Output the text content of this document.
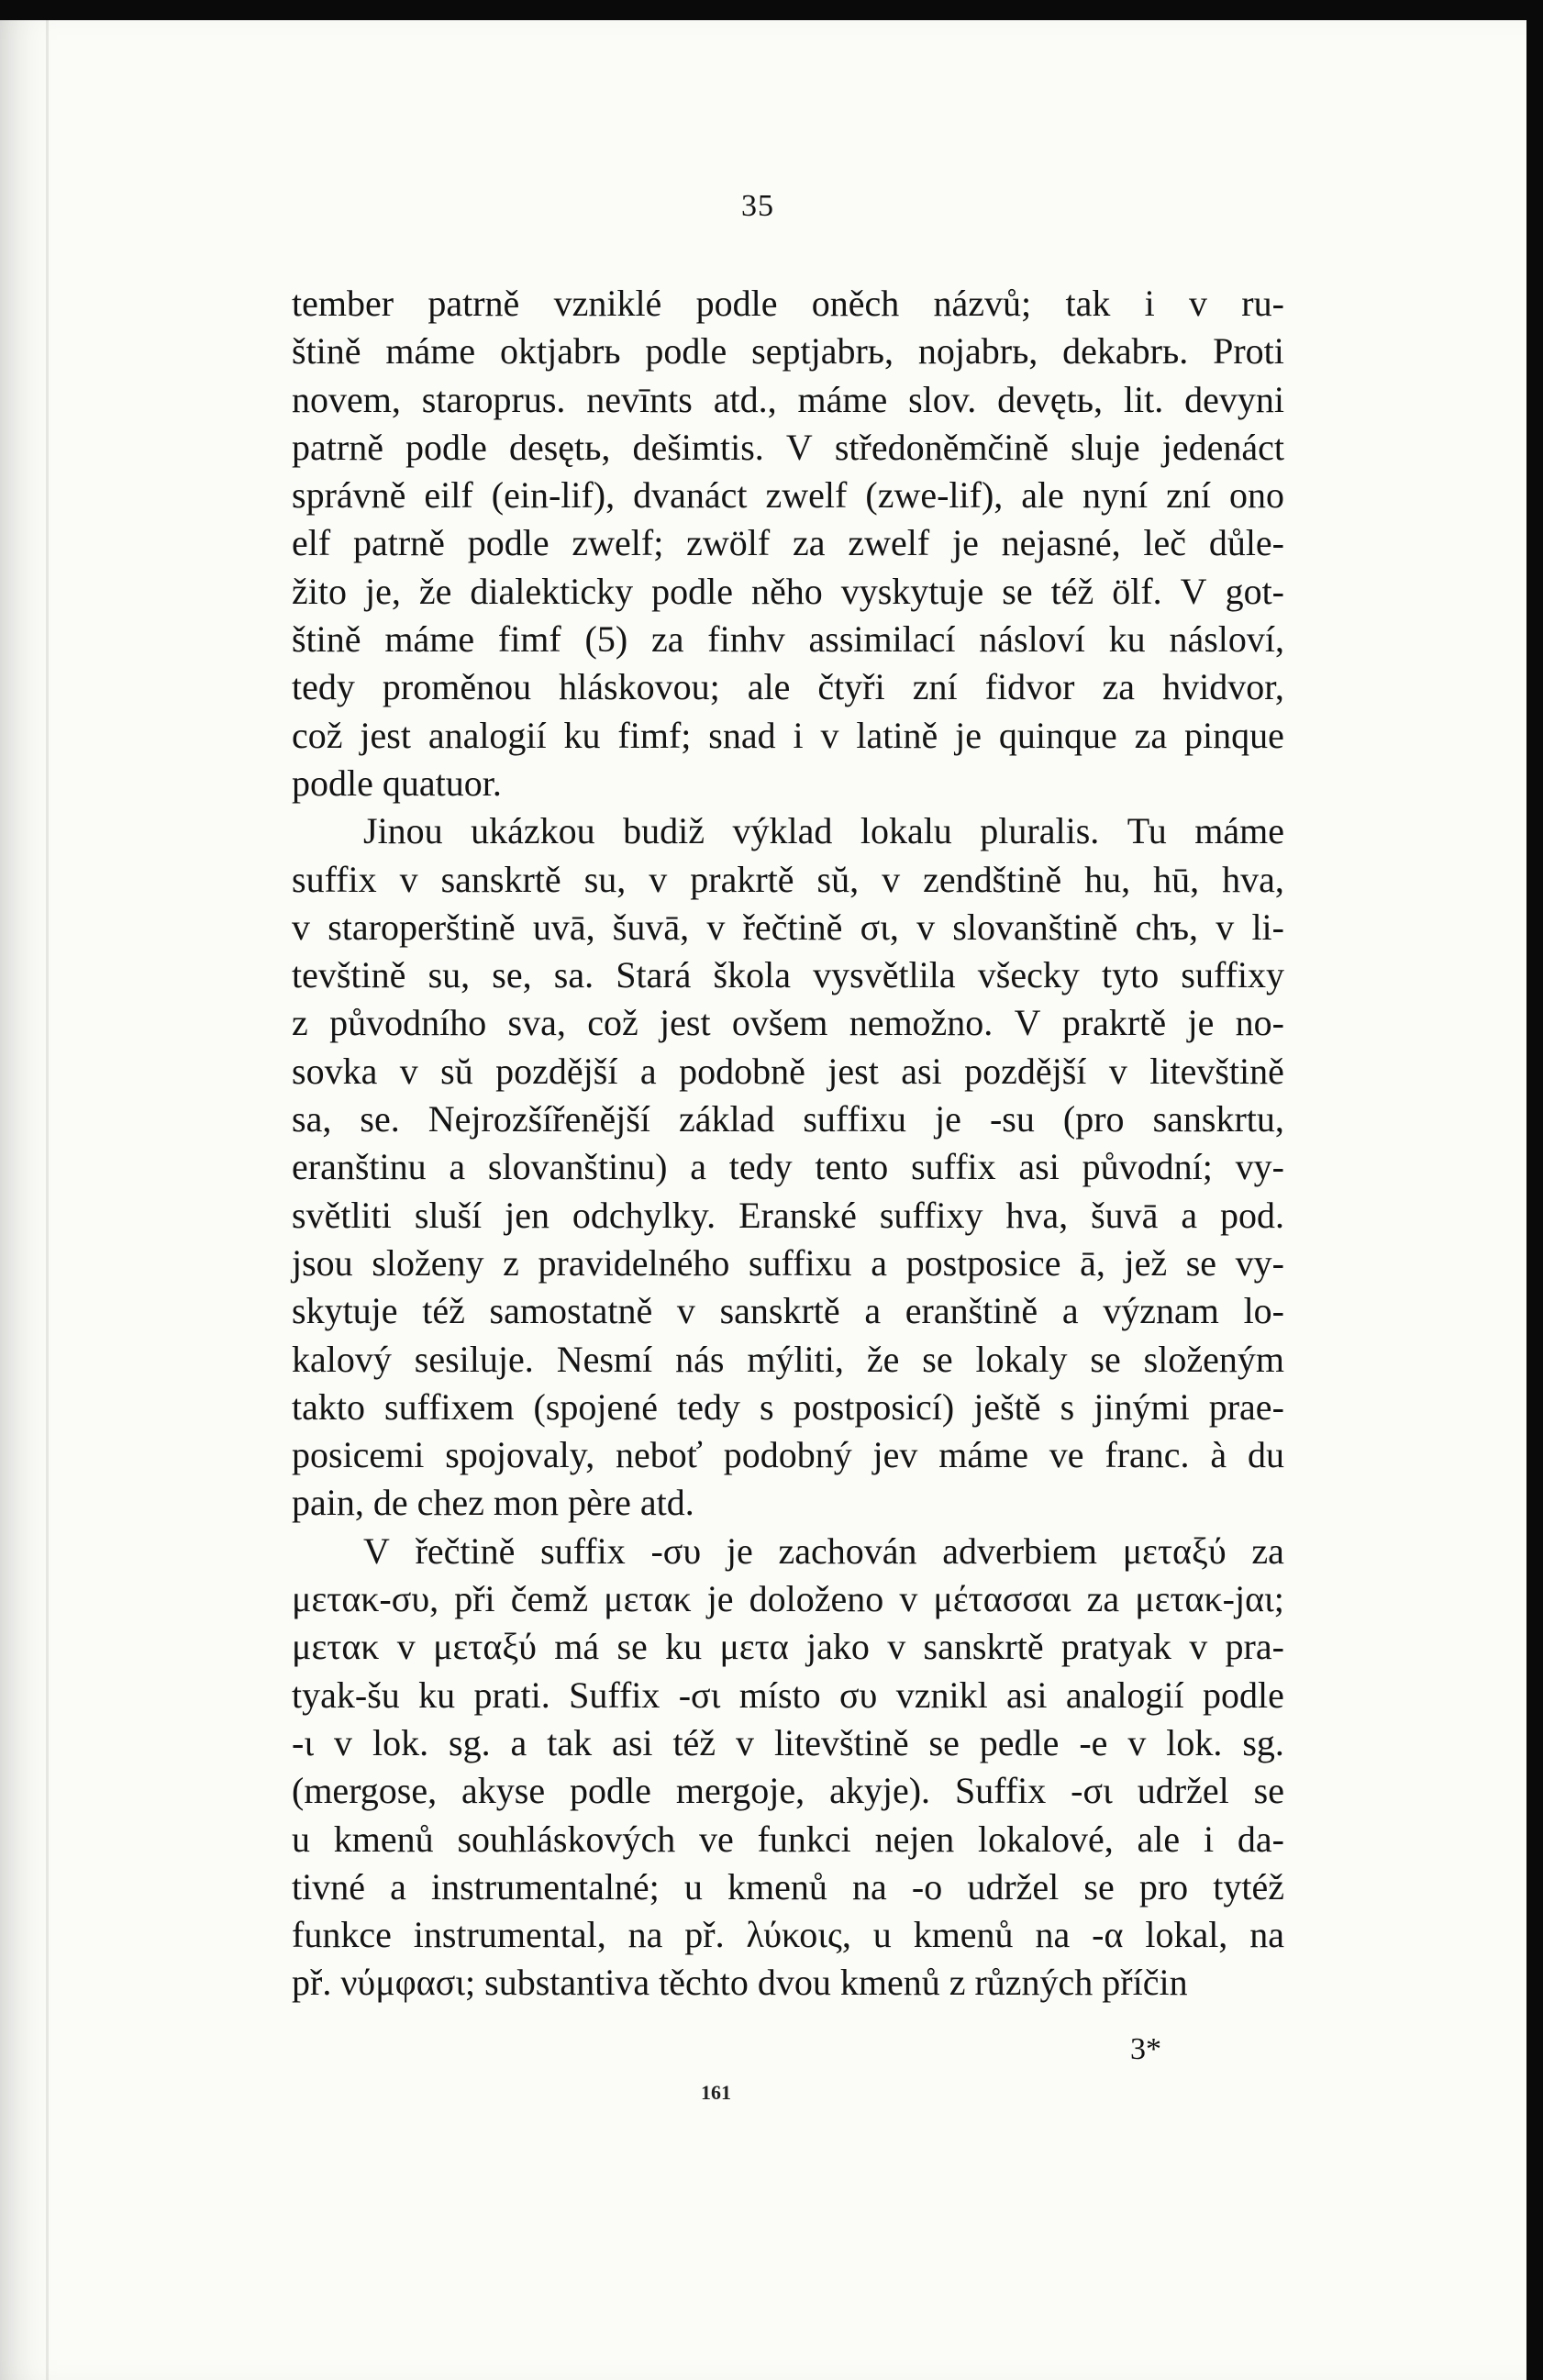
35
tember patrně vzniklé podle oněch názvů; tak i v ru-
štině máme oktjabrь podle septjabrь, nojabrь, dekabrь. Proti
novem, staroprus. nevīnts atd., máme slov. devętь, lit. devyni
patrně podle desętь, dešimtis. V středoněmčině sluje jedenáct
správně eilf (ein-lif), dvanáct zwelf (zwe-lif), ale nyní zní ono
elf patrně podle zwelf; zwölf za zwelf je nejasné, leč důle-
žito je, že dialekticky podle něho vyskytuje se též ölf. V got-
štině máme fimf (5) za finhv assimilací násloví ku násloví,
tedy proměnou hláskovou; ale čtyři zní fidvor za hvidvor,
což jest analogií ku fimf; snad i v latině je quinque za pinque
podle quatuor.
Jinou ukázkou budiž výklad lokalu pluralis. Tu máme
suffix v sanskrtě su, v prakrtě sŭ, v zendštině hu, hū, hva,
v staroperštině uvā, šuvā, v řečtině σι, v slovanštině chъ, v li-
tevštině su, se, sa. Stará škola vysvětlila všecky tyto suffixy
z původního sva, což jest ovšem nemožno. V prakrtě je no-
sovka v sŭ pozdější a podobně jest asi pozdější v litevštině
sa, se. Nejrozšířenější základ suffixu je -su (pro sanskrtu,
eranštinu a slovanštinu) a tedy tento suffix asi původní; vy-
světliti sluší jen odchylky. Eranské suffixy hva, šuvā a pod.
jsou složeny z pravidelného suffixu a postposice ā, jež se vy-
skytuje též samostatně v sanskrtě a eranštině a význam lo-
kalový sesiluje. Nesmí nás mýliti, že se lokaly se složeným
takto suffixem (spojené tedy s postposicí) ještě s jinými prae-
posicemi spojovaly, neboť podobný jev máme ve franc. à du
pain, de chez mon père atd.
V řečtině suffix -συ je zachován adverbiem μεταξύ za
μετακ-συ, při čemž μετακ je doloženo v μέτασσαι za μετακ-jαι;
μετακ v μεταξύ má se ku μετα jako v sanskrtě pratyak v pra-
tyak-šu ku prati. Suffix -σι místo συ vznikl asi analogií podle
-ι v lok. sg. a tak asi též v litevštině se pedle -e v lok. sg.
(mergose, akyse podle mergoje, akyje). Suffix -σι udržel se
u kmenů souhláskových ve funkci nejen lokalové, ale i da-
tivné a instrumentalné; u kmenů na -ο udržel se pro tytéž
funkce instrumental, na př. λύκοις, u kmenů na -α lokal, na
př. νύμφασι; substantiva těchto dvou kmenů z různých příčin
3*
161
